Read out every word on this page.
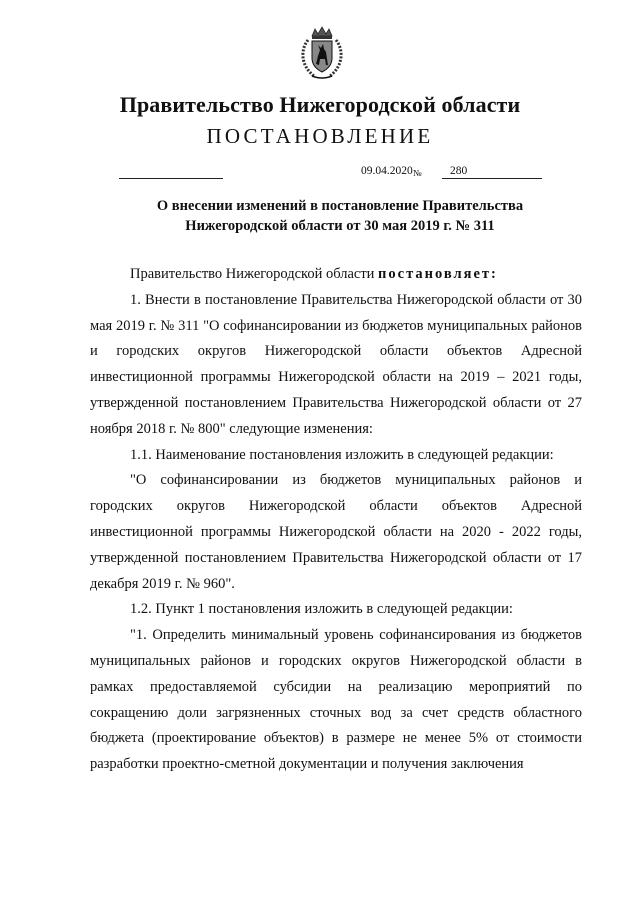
Правительство Нижегородской области
ПОСТАНОВЛЕНИЕ
09.04.2020 № 280
О внесении изменений в постановление Правительства
Нижегородской области от 30 мая 2019 г. № 311

Правительство Нижегородской области постановляет:

1. Внести в постановление Правительства Нижегородской области от 30 мая 2019 г. № 311 "О софинансировании из бюджетов муниципальных районов и городских округов Нижегородской области объектов Адресной инвестиционной программы Нижегородской области на 2019 – 2021 годы, утвержденной постановлением Правительства Нижегородской области от 27 ноября 2018 г. № 800" следующие изменения:

1.1. Наименование постановления изложить в следующей редакции:

"О софинансировании из бюджетов муниципальных районов и городских округов Нижегородской области объектов Адресной инвестиционной программы Нижегородской области на 2020 - 2022 годы, утвержденной постановлением Правительства Нижегородской области от 17 декабря 2019 г. № 960".

1.2. Пункт 1 постановления изложить в следующей редакции:

"1. Определить минимальный уровень софинансирования из бюджетов муниципальных районов и городских округов Нижегородской области в рамках предоставляемой субсидии на реализацию мероприятий по сокращению доли загрязненных сточных вод за счет средств областного бюджета (проектирование объектов) в размере не менее 5% от стоимости разработки проектно-сметной документации и получения заключения
